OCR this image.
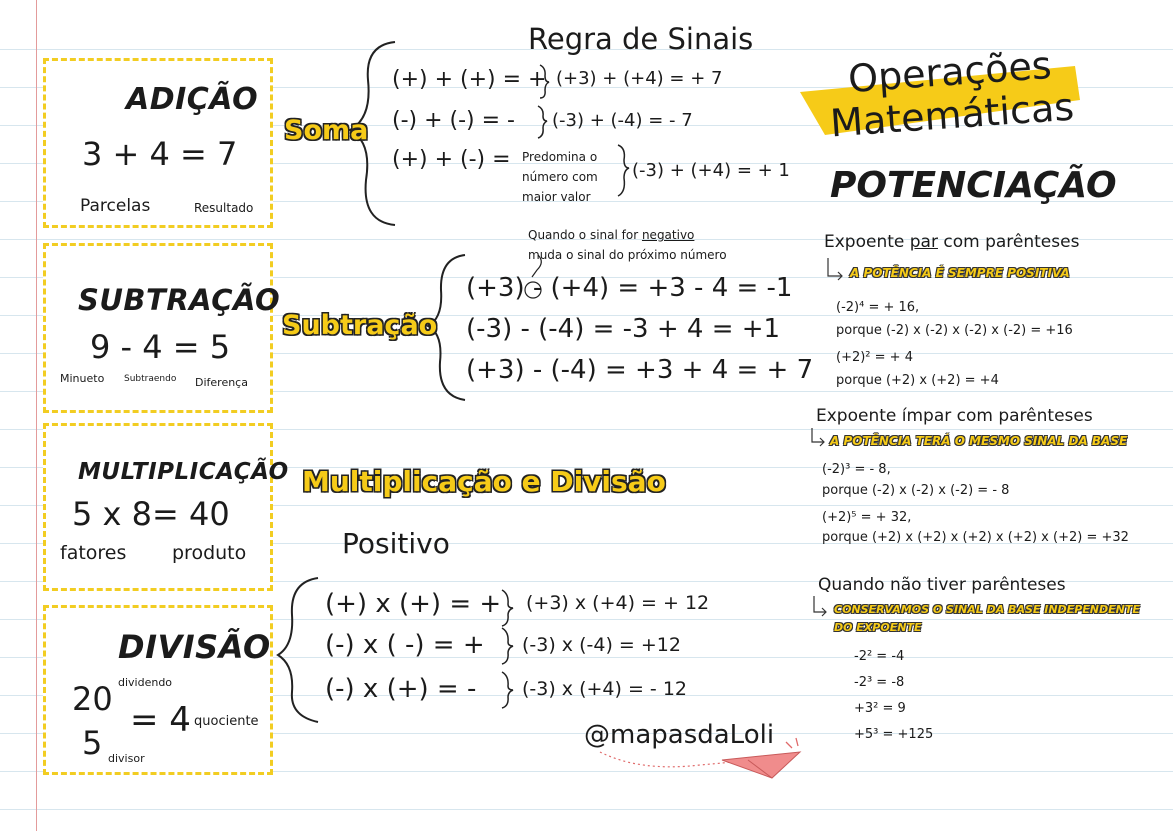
ADIÇÃO
3 + 4 = 7
Parcelas	Resultado
SUBTRAÇÃO
9 - 4 = 5
Minueto Subtraendo Diferença
MULTIPLICAÇÃO
5 x 8 = 40
fatores produto
DIVISÃO
20
5
= 4
dividendo
divisor
quociente
Regra de Sinais
Soma
(+) + (+) = +
(-) + (-) = -
(+) + (-) =
(+3) + (+4) = + 7
(-3) + (-4) = - 7
(-3) + (+4) = + 1
Predomina o
número com
maior valor
Subtração
Quando o sinal for negativo
muda o sinal do próximo número
(+3) - (+4) = +3 - 4 = -1
(-3) - (-4) = -3 + 4 = +1
(+3) - (-4) = +3 + 4 = + 7
Multiplicação e Divisão
Positivo
(+) x (+) = +
(-) x ( -) = +
(-) x (+) = -
(+3) x (+4) = + 12
(-3) x (-4) = +12
(-3) x (+4) = - 12
@mapasdaLoli
Operações
Matemáticas
POTENCIAÇÃO
Expoente par com parênteses
A POTÊNCIA É SEMPRE POSITIVA
(-2)⁴ = + 16,
porque (-2) x (-2) x (-2) x (-2) = +16
(+2)² = + 4
porque (+2) x (+2) = +4
Expoente ímpar com parênteses
A POTÊNCIA TERÁ O MESMO SINAL DA BASE
(-2)³ = - 8,
porque (-2) x (-2) x (-2) = - 8
(+2)⁵ = + 32,
porque (+2) x (+2) x (+2) x (+2) x (+2) = +32
Quando não tiver parênteses
CONSERVAMOS O SINAL DA BASE INDEPENDENTE
DO EXPOENTE
-2² = -4
-2³ = -8
+3² = 9
+5³ = +125
